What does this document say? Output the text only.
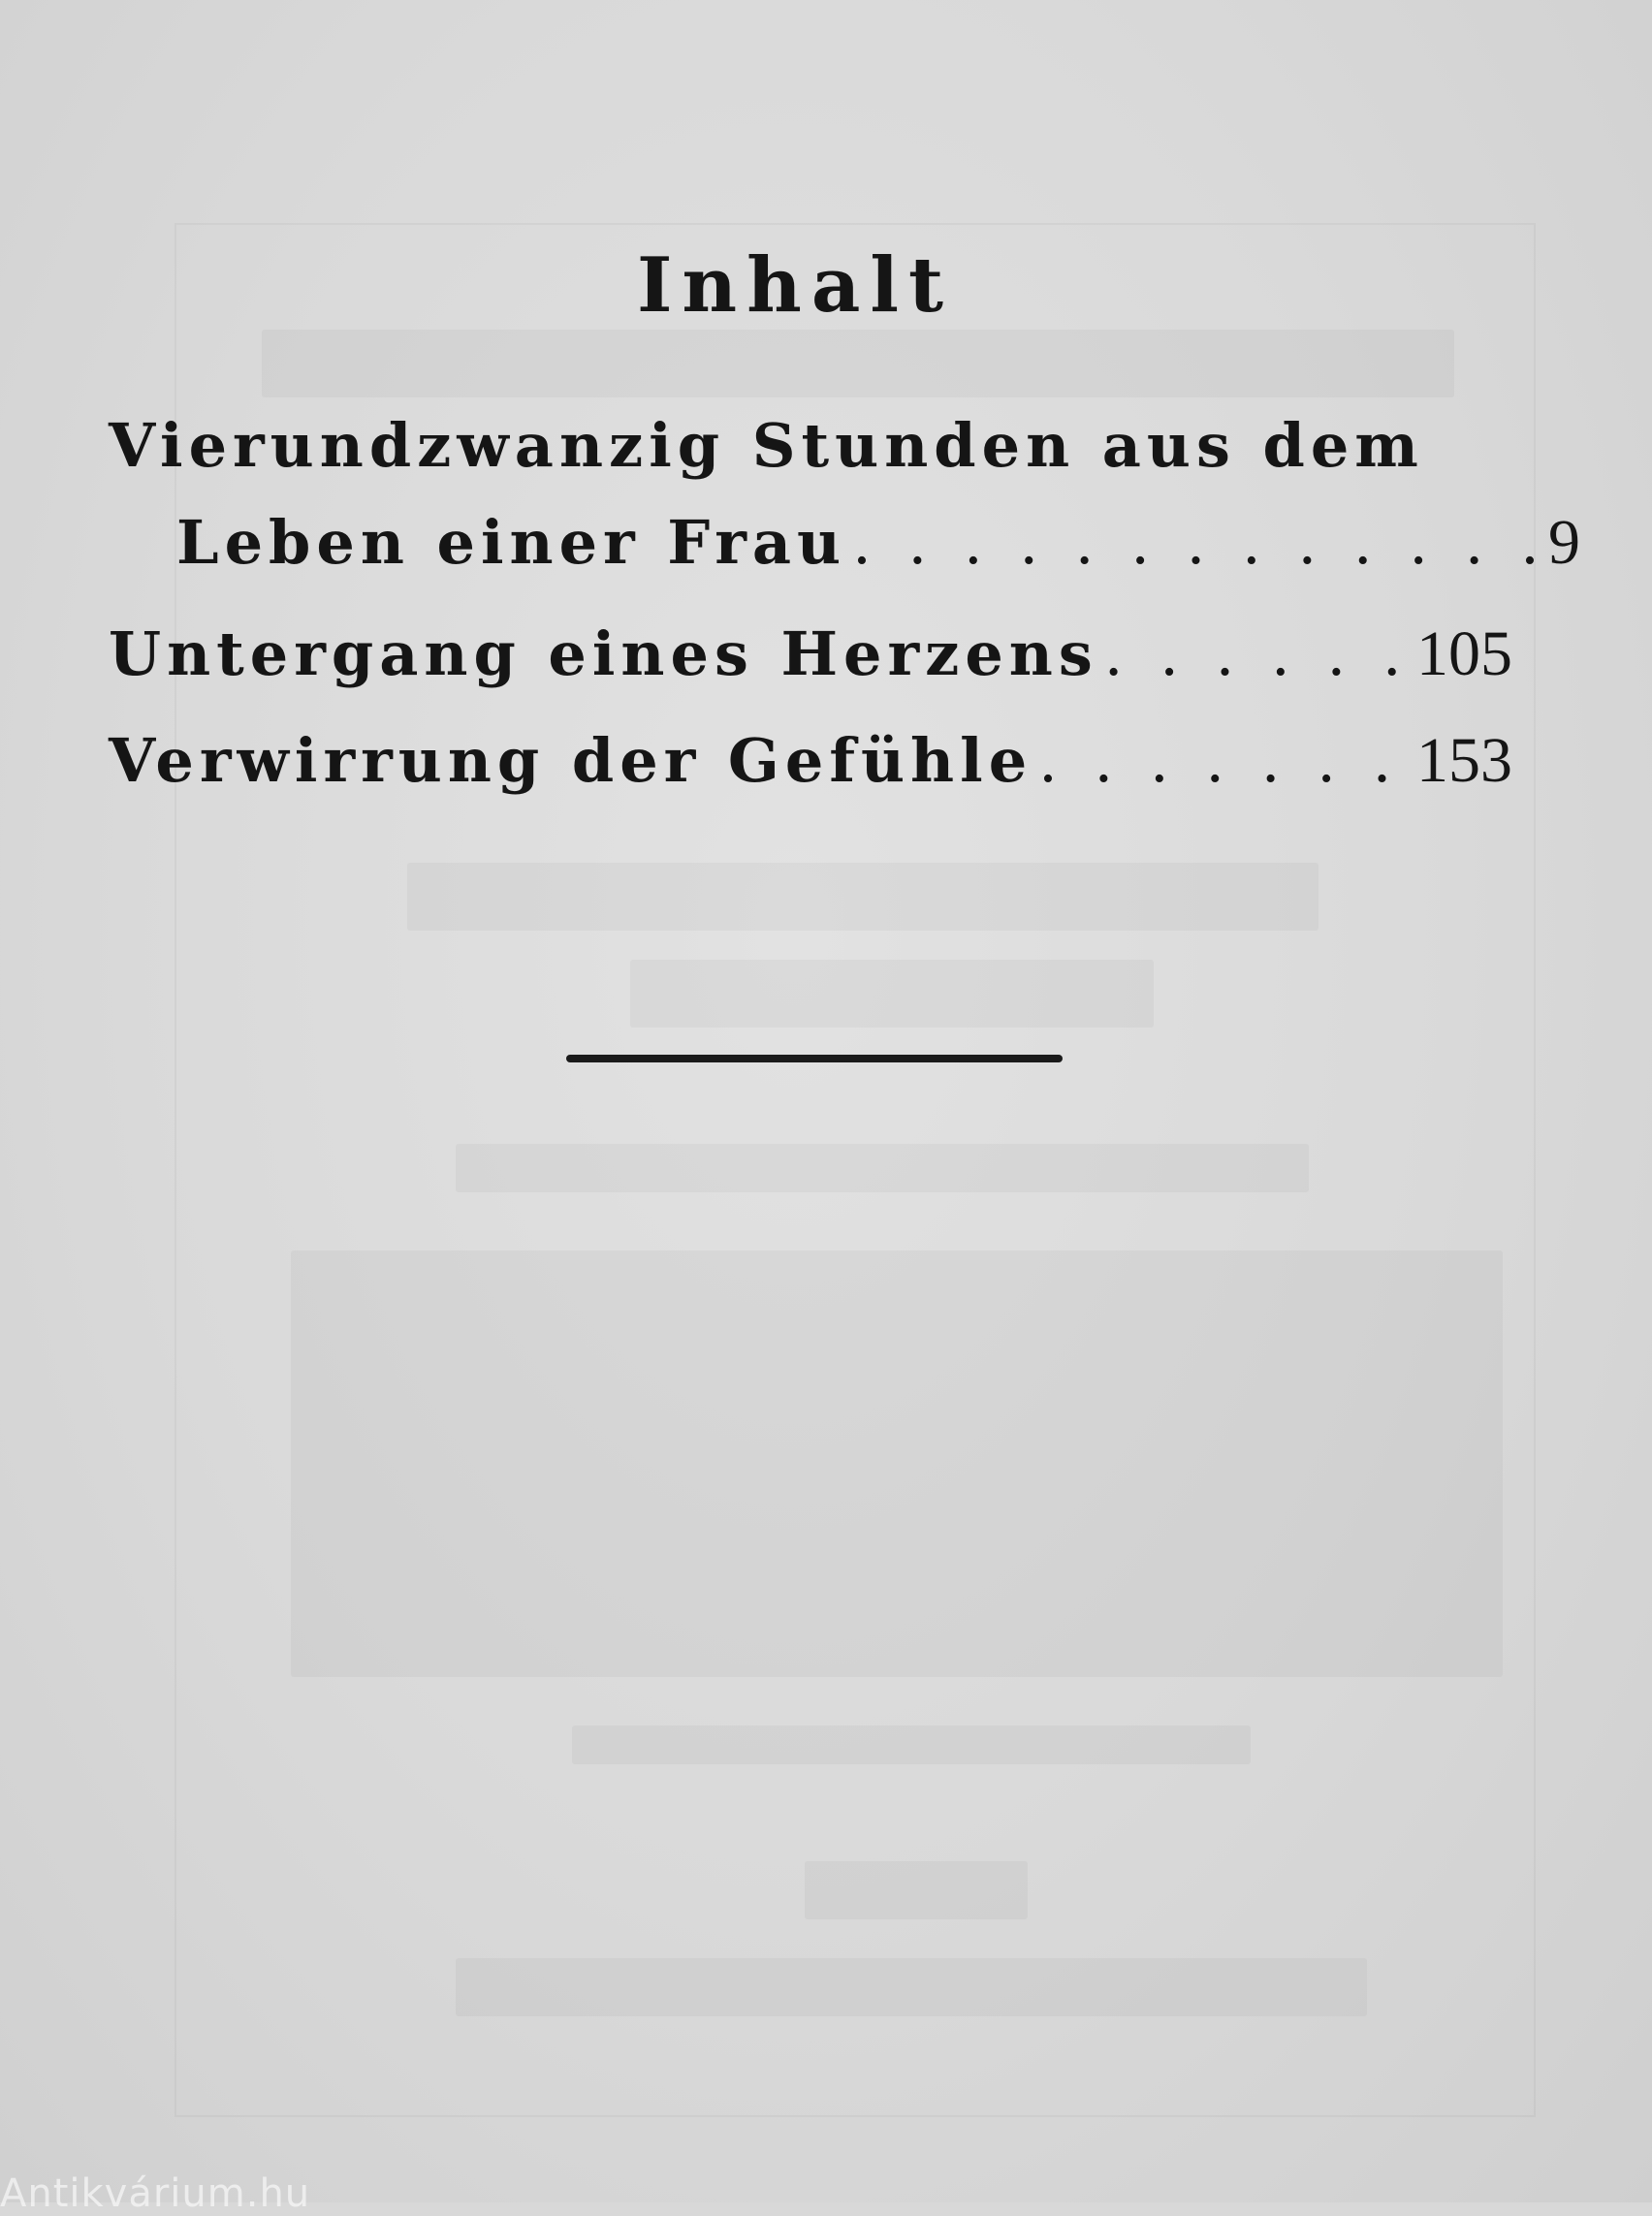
Inhalt
Vierundzwanzig Stunden aus dem
Leben einer Frau . . .	9
Untergang eines Herzens . . .	105
Verwirrung der Gefühle . . .	153
Antikvárium.hu
